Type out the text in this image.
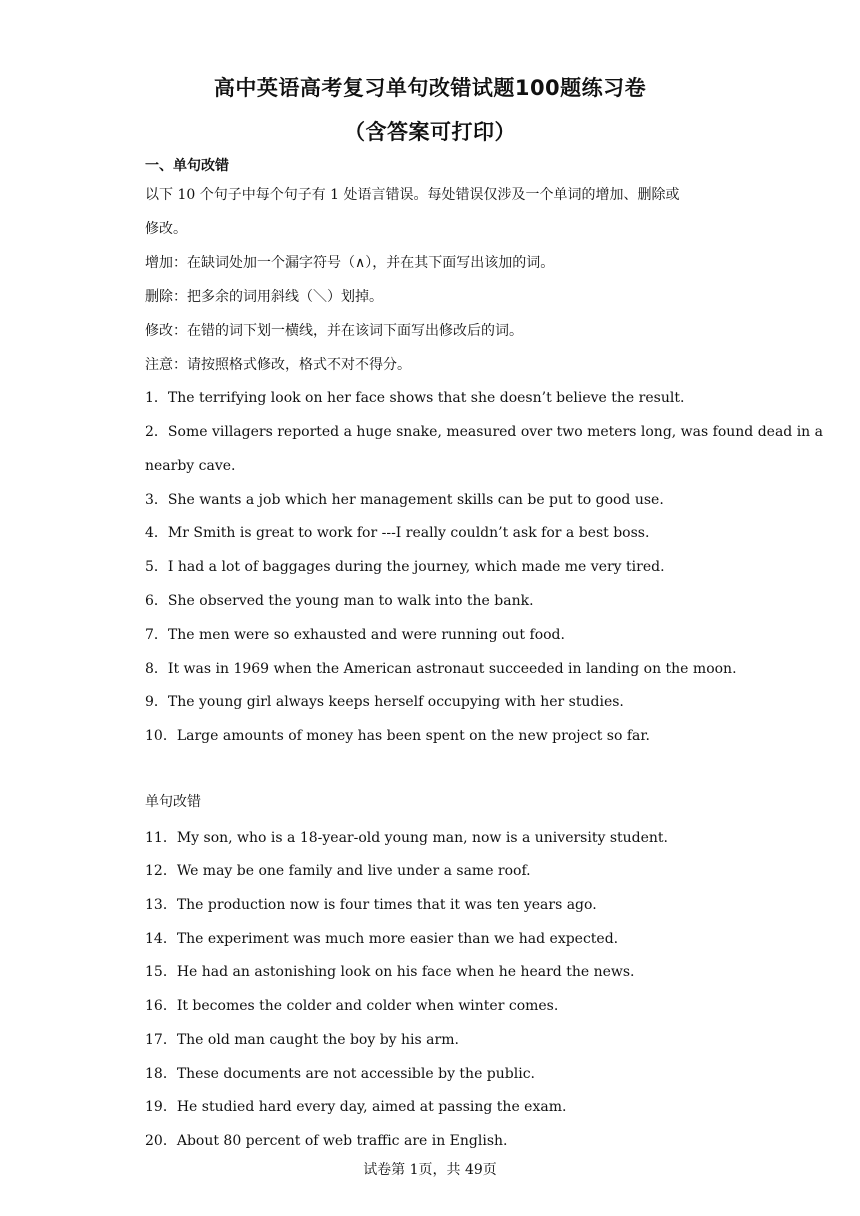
高中英语高考复习单句改错试题100题练习卷
（含答案可打印）
一、单句改错
以下 10 个句子中每个句子有 1 处语言错误。每处错误仅涉及一个单词的增加、删除或
修改。
增加：在缺词处加一个漏字符号（∧），并在其下面写出该加的词。
删除：把多余的词用斜线（＼）划掉。
修改：在错的词下划一横线，并在该词下面写出修改后的词。
注意：请按照格式修改，格式不对不得分。
1．The terrifying look on her face shows that she doesn’t believe the result.
2．Some villagers reported a huge snake, measured over two meters long, was found dead in a
nearby cave.
3．She wants a job which her management skills can be put to good use.
4．Mr Smith is great to work for ---I really couldn’t ask for a best boss.
5．I had a lot of baggages during the journey, which made me very tired.
6．She observed the young man to walk into the bank.
7．The men were so exhausted and were running out food.
8．It was in 1969 when the American astronaut succeeded in landing on the moon.
9．The young girl always keeps herself occupying with her studies.
10．Large amounts of money has been spent on the new project so far.
单句改错
11．My son, who is a 18-year-old young man, now is a university student.
12．We may be one family and live under a same roof.
13．The production now is four times that it was ten years ago.
14．The experiment was much more easier than we had expected.
15．He had an astonishing look on his face when he heard the news.
16．It becomes the colder and colder when winter comes.
17．The old man caught the boy by his arm.
18．These documents are not accessible by the public.
19．He studied hard every day, aimed at passing the exam.
20．About 80 percent of web traffic are in English.
试卷第 1页，共 49页
